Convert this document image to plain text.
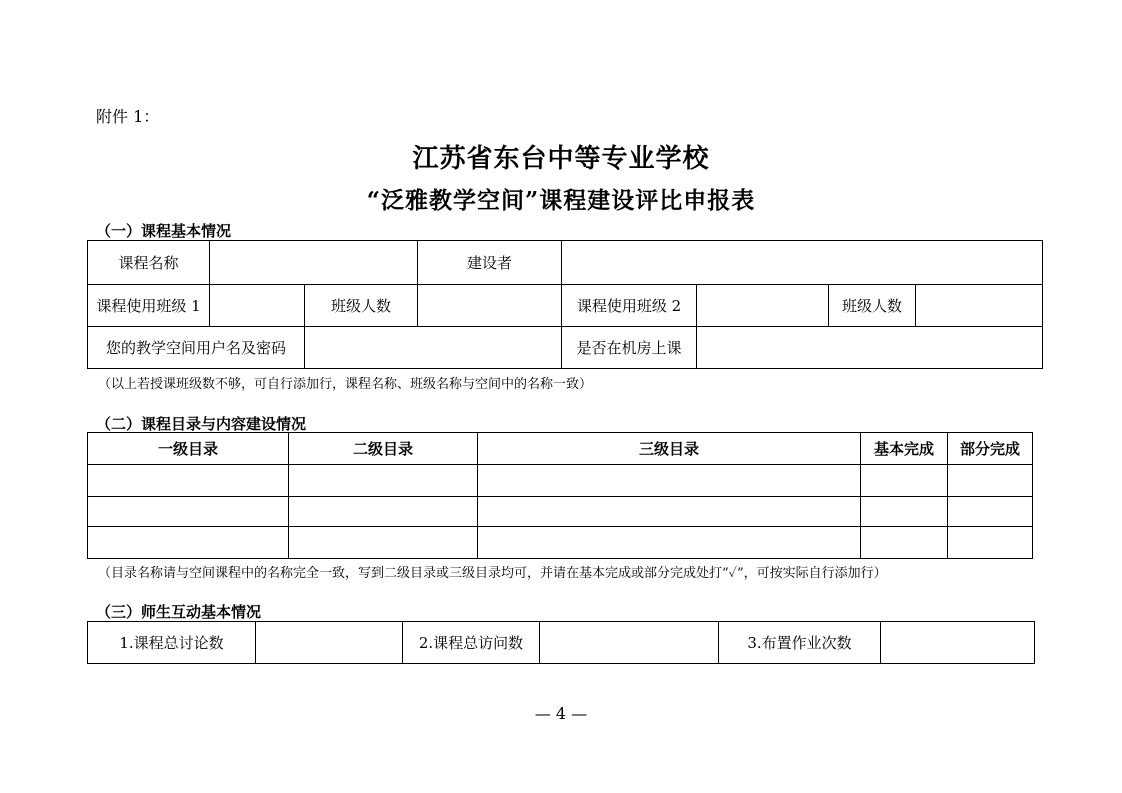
附件 1：
江苏省东台中等专业学校
“泛雅教学空间”课程建设评比申报表
（一）课程基本情况
课程名称			建设者				
课程使用班级 1		班级人数		课程使用班级 2		班级人数	
您的教学空间用户名及密码				是否在机房上课			
（以上若授课班级数不够，可自行添加行，课程名称、班级名称与空间中的名称一致）
（二）课程目录与内容建设情况
一级目录	二级目录	三级目录	基本完成	部分完成

（目录名称请与空间课程中的名称完全一致，写到二级目录或三级目录均可，并请在基本完成或部分完成处打“✓”，可按实际自行添加行）
（三）师生互动基本情况
1.课程总讨论数		2.课程总访问数		3.布置作业次数	
— 4 —
